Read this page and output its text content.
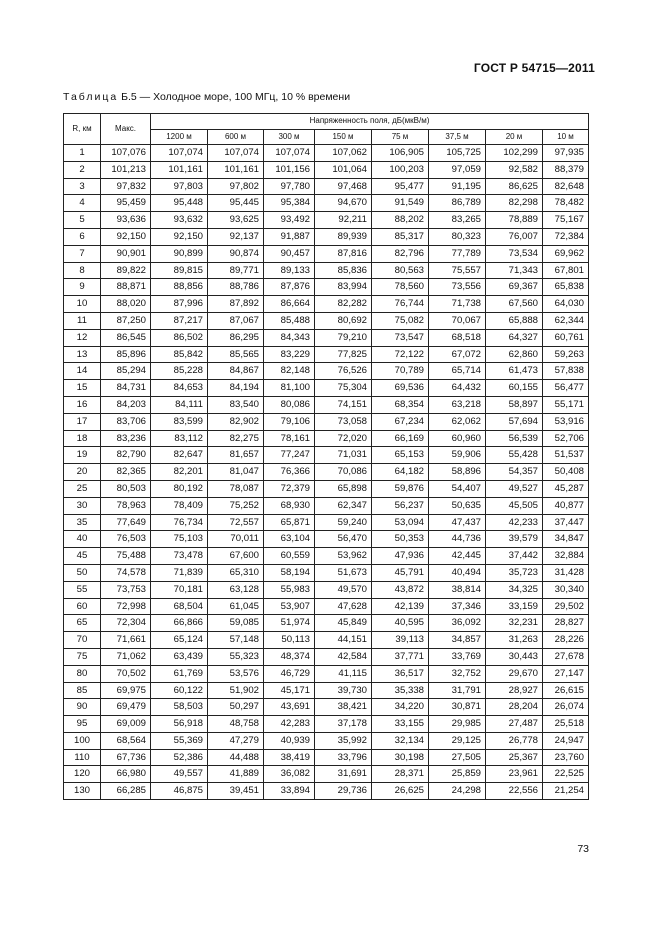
ГОСТ Р 54715—2011
Таблица Б.5 — Холодное море, 100 МГц, 10 % времени
R, км	Макс.	Напряженность поля, дБ(мкВ/м)							
		1200 м	600 м	300 м	150 м	75 м	37,5 м	20 м	10 м
1	107,076	107,074	107,074	107,074	107,062	106,905	105,725	102,299	97,935
2	101,213	101,161	101,161	101,156	101,064	100,203	97,059	92,582	88,379
3	97,832	97,803	97,802	97,780	97,468	95,477	91,195	86,625	82,648
4	95,459	95,448	95,445	95,384	94,670	91,549	86,789	82,298	78,482
5	93,636	93,632	93,625	93,492	92,211	88,202	83,265	78,889	75,167
6	92,150	92,150	92,137	91,887	89,939	85,317	80,323	76,007	72,384
7	90,901	90,899	90,874	90,457	87,816	82,796	77,789	73,534	69,962
8	89,822	89,815	89,771	89,133	85,836	80,563	75,557	71,343	67,801
9	88,871	88,856	88,786	87,876	83,994	78,560	73,556	69,367	65,838
10	88,020	87,996	87,892	86,664	82,282	76,744	71,738	67,560	64,030
11	87,250	87,217	87,067	85,488	80,692	75,082	70,067	65,888	62,344
12	86,545	86,502	86,295	84,343	79,210	73,547	68,518	64,327	60,761
13	85,896	85,842	85,565	83,229	77,825	72,122	67,072	62,860	59,263
14	85,294	85,228	84,867	82,148	76,526	70,789	65,714	61,473	57,838
15	84,731	84,653	84,194	81,100	75,304	69,536	64,432	60,155	56,477
16	84,203	84,111	83,540	80,086	74,151	68,354	63,218	58,897	55,171
17	83,706	83,599	82,902	79,106	73,058	67,234	62,062	57,694	53,916
18	83,236	83,112	82,275	78,161	72,020	66,169	60,960	56,539	52,706
19	82,790	82,647	81,657	77,247	71,031	65,153	59,906	55,428	51,537
20	82,365	82,201	81,047	76,366	70,086	64,182	58,896	54,357	50,408
25	80,503	80,192	78,087	72,379	65,898	59,876	54,407	49,527	45,287
30	78,963	78,409	75,252	68,930	62,347	56,237	50,635	45,505	40,877
35	77,649	76,734	72,557	65,871	59,240	53,094	47,437	42,233	37,447
40	76,503	75,103	70,011	63,104	56,470	50,353	44,736	39,579	34,847
45	75,488	73,478	67,600	60,559	53,962	47,936	42,445	37,442	32,884
50	74,578	71,839	65,310	58,194	51,673	45,791	40,494	35,723	31,428
55	73,753	70,181	63,128	55,983	49,570	43,872	38,814	34,325	30,340
60	72,998	68,504	61,045	53,907	47,628	42,139	37,346	33,159	29,502
65	72,304	66,866	59,085	51,974	45,849	40,595	36,092	32,231	28,827
70	71,661	65,124	57,148	50,113	44,151	39,113	34,857	31,263	28,226
75	71,062	63,439	55,323	48,374	42,584	37,771	33,769	30,443	27,678
80	70,502	61,769	53,576	46,729	41,115	36,517	32,752	29,670	27,147
85	69,975	60,122	51,902	45,171	39,730	35,338	31,791	28,927	26,615
90	69,479	58,503	50,297	43,691	38,421	34,220	30,871	28,204	26,074
95	69,009	56,918	48,758	42,283	37,178	33,155	29,985	27,487	25,518
100	68,564	55,369	47,279	40,939	35,992	32,134	29,125	26,778	24,947
110	67,736	52,386	44,488	38,419	33,796	30,198	27,505	25,367	23,760
120	66,980	49,557	41,889	36,082	31,691	28,371	25,859	23,961	22,525
130	66,285	46,875	39,451	33,894	29,736	26,625	24,298	22,556	21,254
73
